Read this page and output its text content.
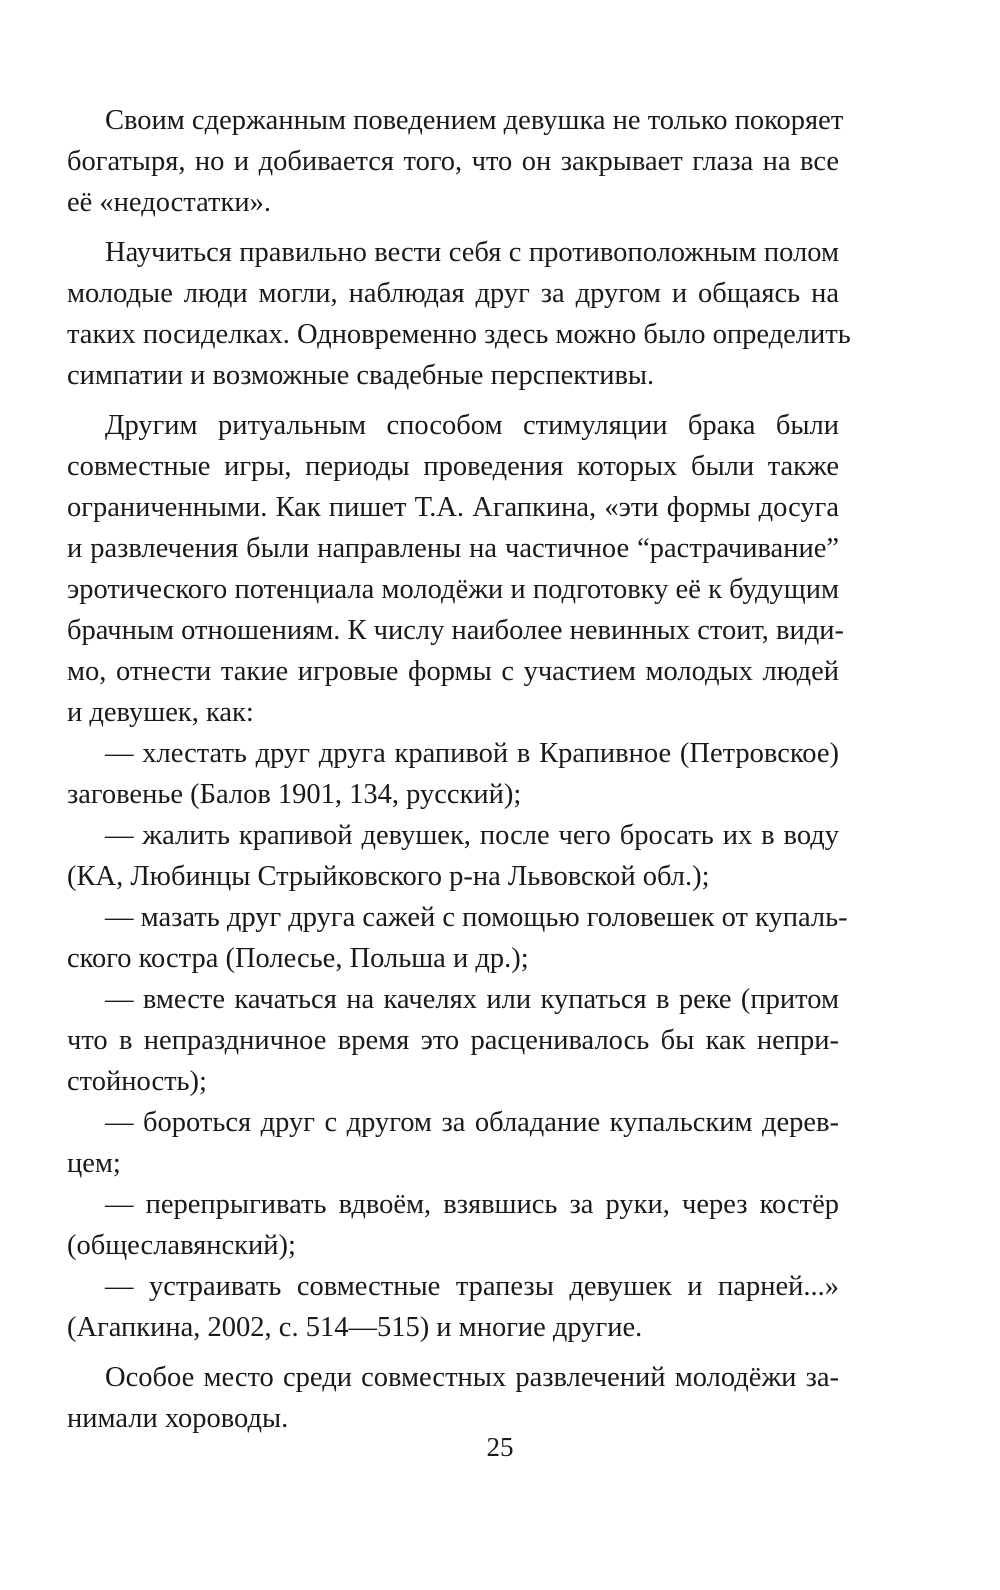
Своим сдержанным поведением девушка не только покоряет
богатыря, но и добивается того, что он закрывает глаза на все
её «недостатки».
Научиться правильно вести себя с противоположным полом
молодые люди могли, наблюдая друг за другом и общаясь на
таких посиделках. Одновременно здесь можно было определить
симпатии и возможные свадебные перспективы.
Другим ритуальным способом стимуляции брака были
совместные игры, периоды проведения которых были также
ограниченными. Как пишет Т.А. Агапкина, «эти формы досуга
и развлечения были направлены на частичное “растрачивание”
эротического потенциала молодёжи и подготовку её к будущим
брачным отношениям. К числу наиболее невинных стоит, види-
мо, отнести такие игровые формы с участием молодых людей
и девушек, как:
— хлестать друг друга крапивой в Крапивное (Петровское)
заговенье (Балов 1901, 134, русский);
— жалить крапивой девушек, после чего бросать их в воду
(КА, Любинцы Стрыйковского р-на Львовской обл.);
— мазать друг друга сажей с помощью головешек от купаль-
ского костра (Полесье, Польша и др.);
— вместе качаться на качелях или купаться в реке (притом
что в непраздничное время это расценивалось бы как непри-
стойность);
— бороться друг с другом за обладание купальским дерев-
цем;
— перепрыгивать вдвоём, взявшись за руки, через костёр
(общеславянский);
— устраивать совместные трапезы девушек и парней...»
(Агапкина, 2002, с. 514—515) и многие другие.
Особое место среди совместных развлечений молодёжи за-
нимали хороводы.
25
